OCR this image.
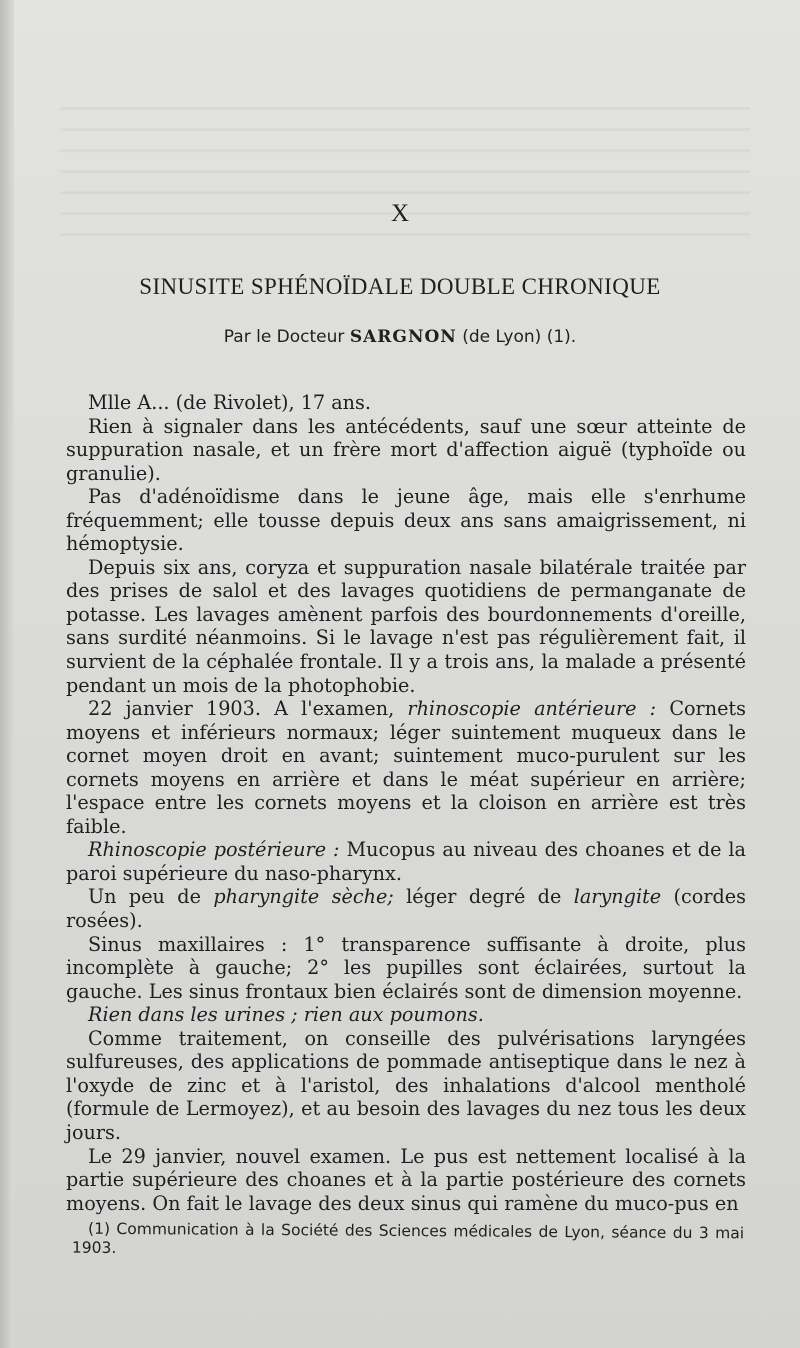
X
SINUSITE SPHÉNOÏDALE DOUBLE CHRONIQUE
Par le Docteur SARGNON (de Lyon) (1).

Mlle A... (de Rivolet), 17 ans.

Rien à signaler dans les antécédents, sauf une sœur atteinte de suppuration nasale, et un frère mort d'affection aiguë (typhoïde ou granulie).

Pas d'adénoïdisme dans le jeune âge, mais elle s'enrhume fréquemment; elle tousse depuis deux ans sans amaigrissement, ni hémoptysie.

Depuis six ans, coryza et suppuration nasale bilatérale traitée par des prises de salol et des lavages quotidiens de permanganate de potasse. Les lavages amènent parfois des bourdonnements d'oreille, sans surdité néanmoins. Si le lavage n'est pas régulièrement fait, il survient de la céphalée frontale. Il y a trois ans, la malade a présenté pendant un mois de la photophobie.

22 janvier 1903. A l'examen, rhinoscopie antérieure : Cornets moyens et inférieurs normaux; léger suintement muqueux dans le cornet moyen droit en avant; suintement muco-purulent sur les cornets moyens en arrière et dans le méat supérieur en arrière; l'espace entre les cornets moyens et la cloison en arrière est très faible.

Rhinoscopie postérieure : Mucopus au niveau des choanes et de la paroi supérieure du naso-pharynx.

Un peu de pharyngite sèche; léger degré de laryngite (cordes rosées).

Sinus maxillaires : 1° transparence suffisante à droite, plus incomplète à gauche; 2° les pupilles sont éclairées, surtout la gauche. Les sinus frontaux bien éclairés sont de dimension moyenne.

Rien dans les urines ; rien aux poumons.

Comme traitement, on conseille des pulvérisations laryngées sulfureuses, des applications de pommade antiseptique dans le nez à l'oxyde de zinc et à l'aristol, des inhalations d'alcool mentholé (formule de Lermoyez), et au besoin des lavages du nez tous les deux jours.

Le 29 janvier, nouvel examen. Le pus est nettement localisé à la partie supérieure des choanes et à la partie postérieure des cornets moyens. On fait le lavage des deux sinus qui ramène du muco-pus en

(1) Communication à la Société des Sciences médicales de Lyon, séance du 3 mai 1903.
